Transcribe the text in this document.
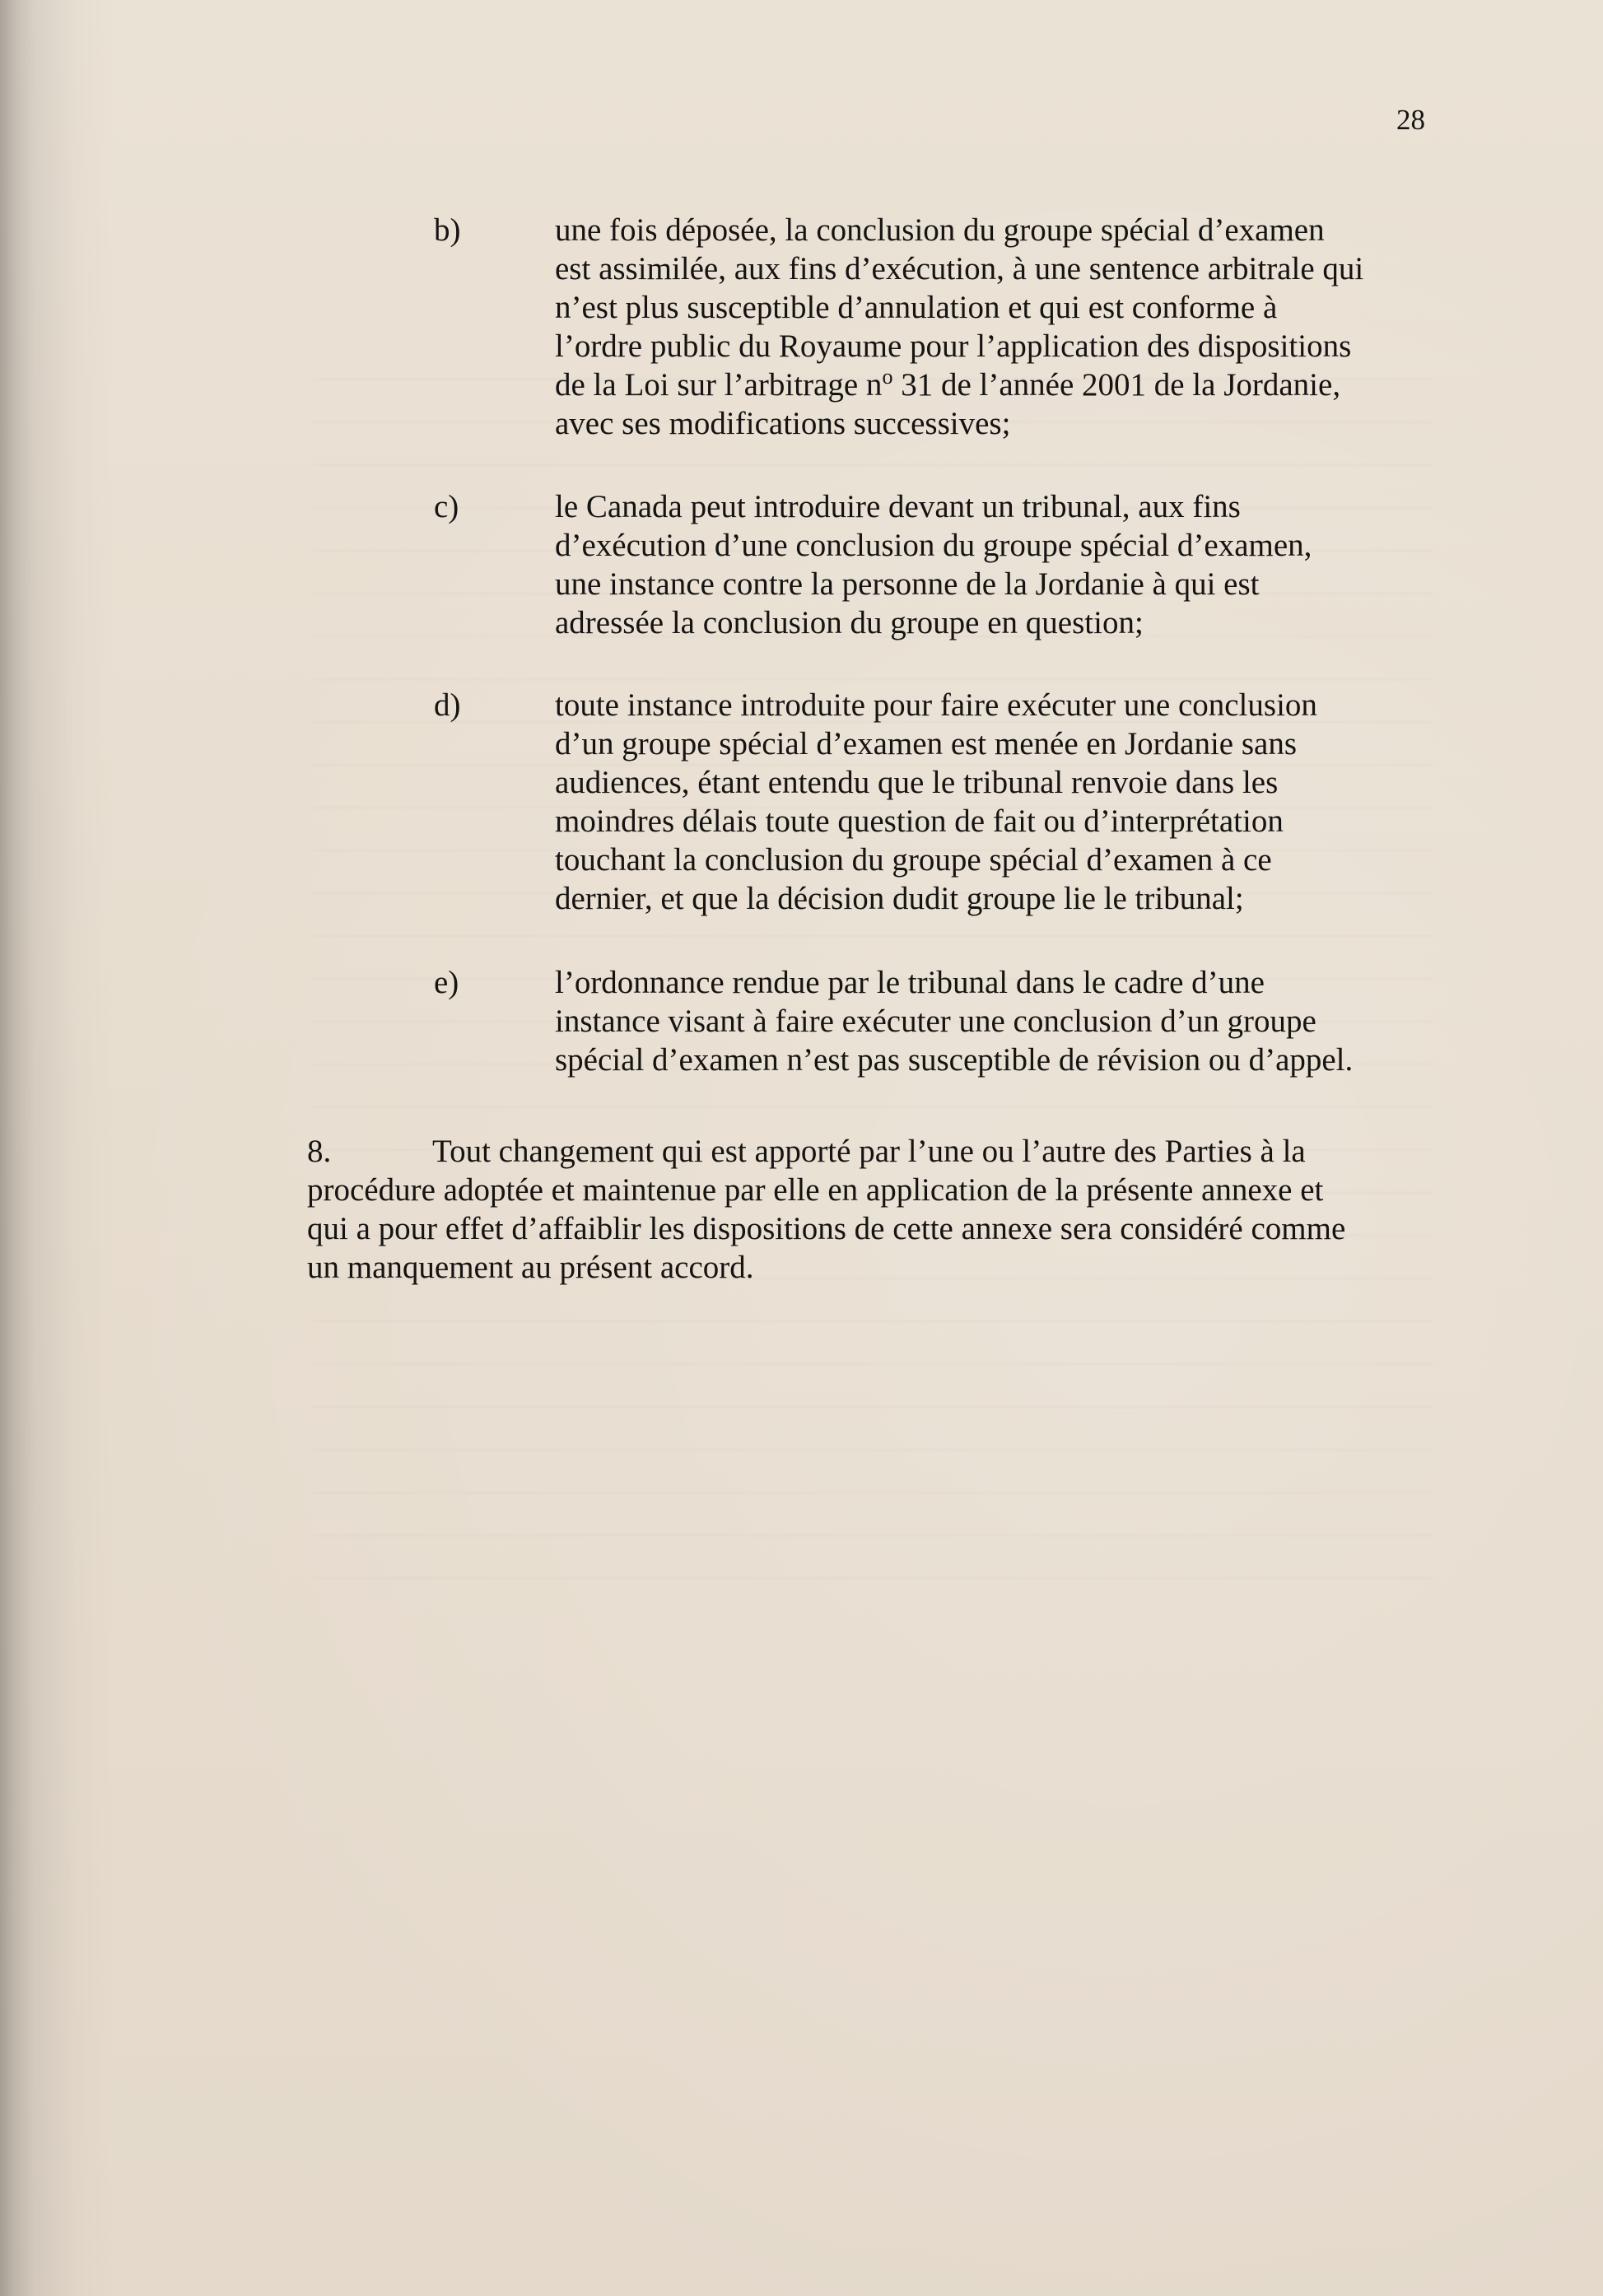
28
b)	une fois déposée, la conclusion du groupe spécial d’examen
est assimilée, aux fins d’exécution, à une sentence arbitrale qui
n’est plus susceptible d’annulation et qui est conforme à
l’ordre public du Royaume pour l’application des dispositions
de la Loi sur l’arbitrage $n^o$ 31 de l’année 2001 de la Jordanie,
avec ses modifications successives;
c)	le Canada peut introduire devant un tribunal, aux fins
d’exécution d’une conclusion du groupe spécial d’examen,
une instance contre la personne de la Jordanie à qui est
adressée la conclusion du groupe en question;
d)	toute instance introduite pour faire exécuter une conclusion
d’un groupe spécial d’examen est menée en Jordanie sans
audiences, étant entendu que le tribunal renvoie dans les
moindres délais toute question de fait ou d’interprétation
touchant la conclusion du groupe spécial d’examen à ce
dernier, et que la décision dudit groupe lie le tribunal;
e)	l’ordonnance rendue par le tribunal dans le cadre d’une
instance visant à faire exécuter une conclusion d’un groupe
spécial d’examen n’est pas susceptible de révision ou d’appel.
8.	Tout changement qui est apporté par l’une ou l’autre des Parties à la
procédure adoptée et maintenue par elle en application de la présente annexe et
qui a pour effet d’affaiblir les dispositions de cette annexe sera considéré comme
un manquement au présent accord.
